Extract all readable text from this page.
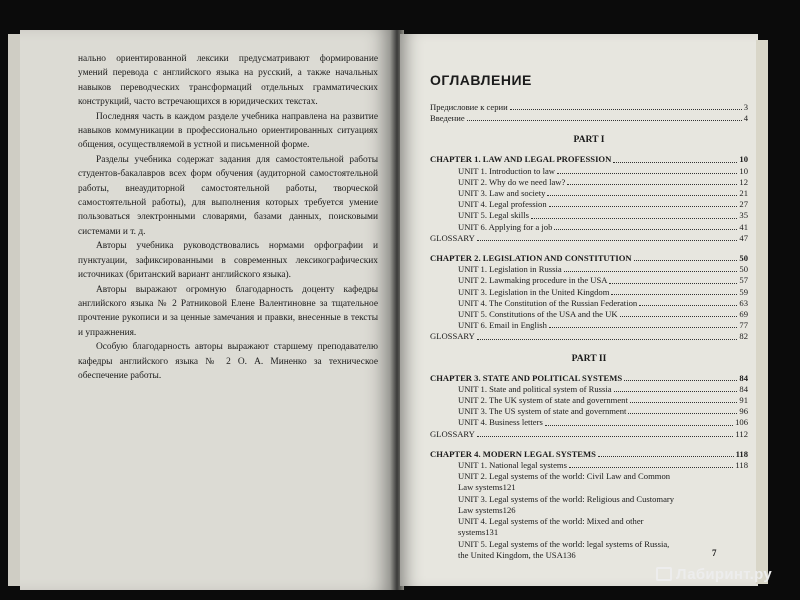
нально ориентированной лексики предусматривают формирование умений перевода с английского языка на русский, а также начальных навыков переводческих трансформаций отдельных грамматических конструкций, часто встречающихся в юридических текстах.

Последняя часть в каждом разделе учебника направлена на развитие навыков коммуникации в профессионально ориентированных ситуациях общения, осуществляемой в устной и письменной форме.

Разделы учебника содержат задания для самостоятельной работы студентов-бакалавров всех форм обучения (аудиторной самостоятельной работы, внеаудиторной самостоятельной работы, творческой самостоятельной работы), для выполнения которых требуется умение пользоваться электронными словарями, базами данных, поисковыми системами и т. д.

Авторы учебника руководствовались нормами орфографии и пунктуации, зафиксированными в современных лексикографических источниках (британский вариант английского языка).

Авторы выражают огромную благодарность доценту кафедры английского языка № 2 Ратниковой Елене Валентиновне за тщательное прочтение рукописи и за ценные замечания и правки, внесенные в тексты и упражнения.

Особую благодарность авторы выражают старшему преподавателю кафедры английского языка № 2 О. А. Миненко за техническое обеспечение работы.

ОГЛАВЛЕНИЕ
Предисловие к серии	3
Введение	4
PART I
CHAPTER 1. LAW AND LEGAL PROFESSION	10
UNIT 1. Introduction to law	10
UNIT 2. Why do we need law?	12
UNIT 3. Law and society	21
UNIT 4. Legal profession	27
UNIT 5. Legal skills	35
UNIT 6. Applying for a job	41
GLOSSARY	47
CHAPTER 2. LEGISLATION AND CONSTITUTION	50
UNIT 1. Legislation in Russia	50
UNIT 2. Lawmaking procedure in the USA	57
UNIT 3. Legislation in the United Kingdom	59
UNIT 4. The Constitution of the Russian Federation	63
UNIT 5. Constitutions of the USA and the UK	69
UNIT 6. Email in English	77
GLOSSARY	82
PART II
CHAPTER 3. STATE AND POLITICAL SYSTEMS	84
UNIT 1. State and political system of Russia	84
UNIT 2. The UK system of state and government	91
UNIT 3. The US system of state and government	96
UNIT 4. Business letters	106
GLOSSARY	112
CHAPTER 4. MODERN LEGAL SYSTEMS	118
UNIT 1. National legal systems	118
UNIT 2. Legal systems of the world: Civil Law and Common
Law systems 121
UNIT 3. Legal systems of the world: Religious and Customary
Law systems 126
UNIT 4. Legal systems of the world: Mixed and other
systems 131
UNIT 5. Legal systems of the world: legal systems of Russia,
the United Kingdom, the USA 136	7
Лабиринт.ру
